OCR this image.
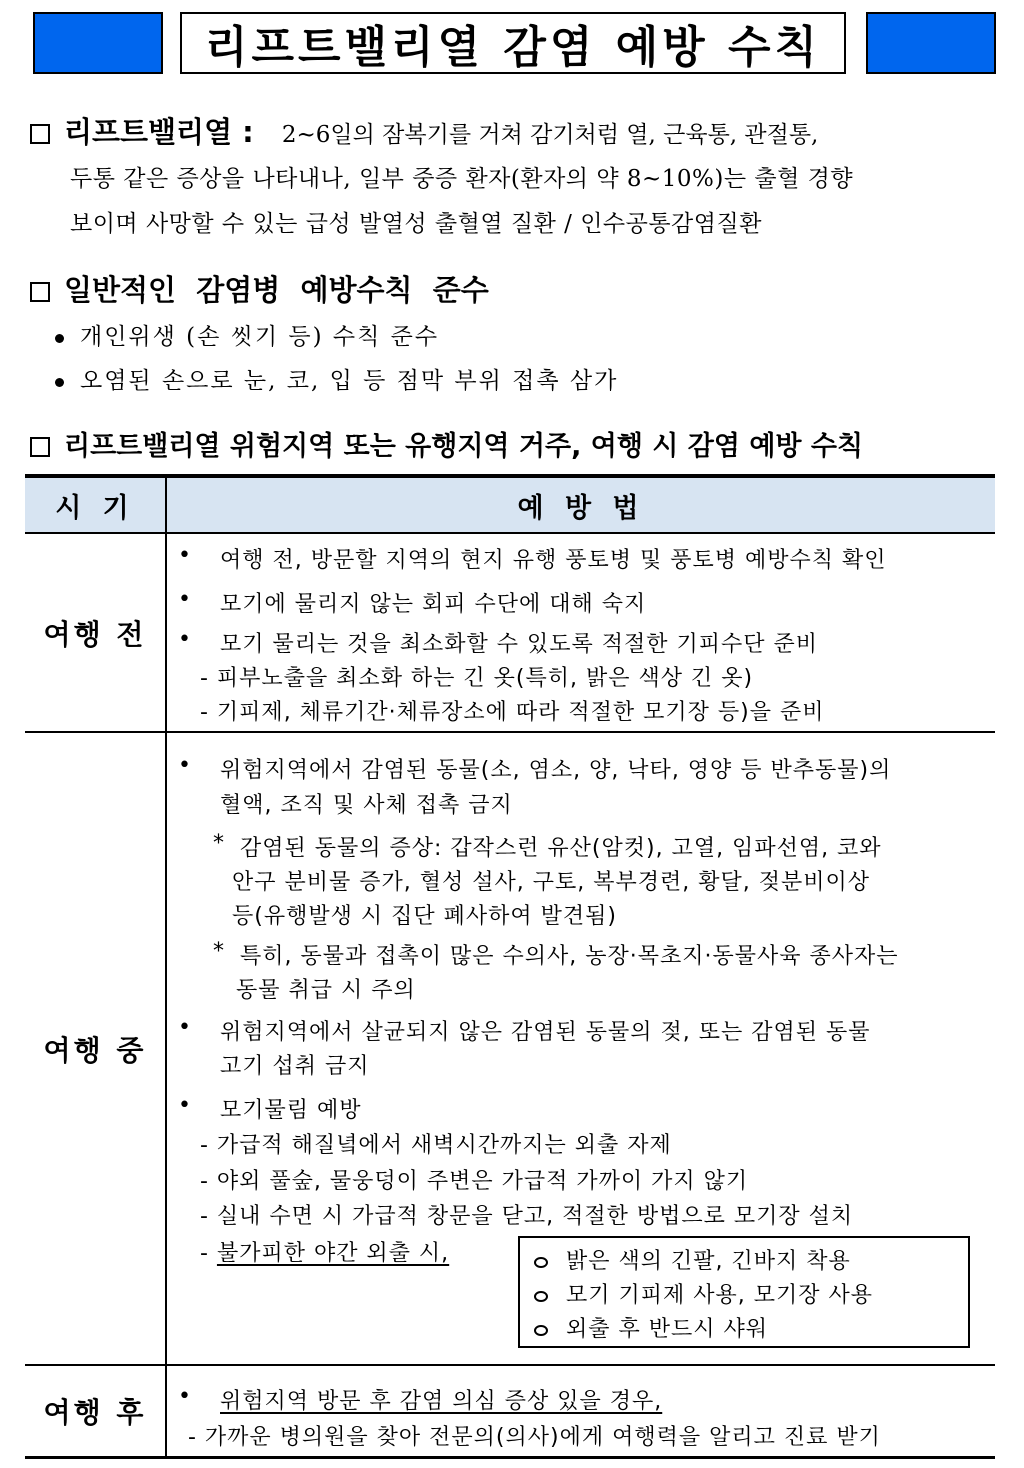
리프트밸리열 감염 예방 수칙
리프트밸리열 : 2~6일의 잠복기를 거쳐 감기처럼 열, 근육통, 관절통,
두통 같은 증상을 나타내나, 일부 중증 환자(환자의 약 8~10%)는 출혈 경향
보이며 사망할 수 있는 급성 발열성 출혈열 질환 / 인수공통감염질환
일반적인  감염병  예방수칙  준수
개인위생 (손 씻기 등) 수칙 준수
오염된 손으로 눈, 코, 입 등 점막 부위 접촉 삼가
리프트밸리열 위험지역 또는 유행지역 거주, 여행 시 감염 예방 수칙
시 기	예 방 법
여행 전
• 여행 전, 방문할 지역의 현지 유행 풍토병 및 풍토병 예방수칙 확인
• 모기에 물리지 않는 회피 수단에 대해 숙지
• 모기 물리는 것을 최소화할 수 있도록 적절한 기피수단 준비
- 피부노출을 최소화 하는 긴 옷(특히, 밝은 색상 긴 옷)
- 기피제, 체류기간·체류장소에 따라 적절한 모기장 등)을 준비
여행 중
• 위험지역에서 감염된 동물(소, 염소, 양, 낙타, 영양 등 반추동물)의
혈액, 조직 및 사체 접촉 금지
* 감염된 동물의 증상: 갑작스런 유산(암컷), 고열, 임파선염, 코와
안구 분비물 증가, 혈성 설사, 구토, 복부경련, 황달, 젖분비이상
등(유행발생 시 집단 폐사하여 발견됨)
* 특히, 동물과 접촉이 많은 수의사, 농장·목초지·동물사육 종사자는
동물 취급 시 주의
• 위험지역에서 살균되지 않은 감염된 동물의 젖, 또는 감염된 동물
고기 섭취 금지
• 모기물림 예방
- 가급적 해질녘에서 새벽시간까지는 외출 자제
- 야외 풀숲, 물웅덩이 주변은 가급적 가까이 가지 않기
- 실내 수면 시 가급적 창문을 닫고, 적절한 방법으로 모기장 설치
- 불가피한 야간 외출 시,	밝은 색의 긴팔, 긴바지 착용
모기 기피제 사용, 모기장 사용
외출 후 반드시 샤워
여행 후	• 위험지역 방문 후 감염 의심 증상 있을 경우,
- 가까운 병의원을 찾아 전문의(의사)에게 여행력을 알리고 진료 받기
